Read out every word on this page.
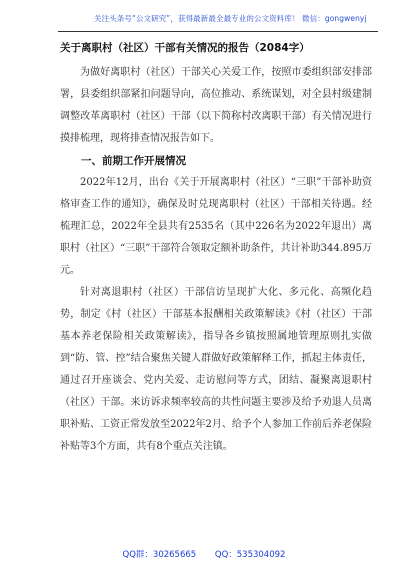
关注头条号“公文研究”，获得最新最全最专业的公文资料库！ 微信：gongwenyj

关于离职村（社区）干部有关情况的报告（2084字）

为做好离职村（社区）干部关心关爱工作，按照市委组织部安排部署，县委组织部紧扣问题导向，高位推动、系统谋划，对全县村级建制调整改革离职村（社区）干部（以下简称村改离职干部）有关情况进行摸排梳理，现将排查情况报告如下。

一、前期工作开展情况

2022年12月，出台《关于开展离职村（社区）“三职”干部补助资格审查工作的通知》，确保及时兑现离职村（社区）干部相关待遇。经梳理汇总，2022年全县共有2535名（其中226名为2022年退出）离职村（社区）“三职”干部符合领取定额补助条件，共计补助344.895万元。

针对离退职村（社区）干部信访呈现扩大化、多元化、高频化趋势，制定《村（社区）干部基本报酬相关政策解读》《村（社区）干部基本养老保险相关政策解读》，指导各乡镇按照属地管理原则扎实做到“防、管、控”结合聚焦关键人群做好政策解释工作，抓起主体责任，通过召开座谈会、党内关爱、走访慰问等方式，团结、凝聚离退职村（社区）干部。来访诉求频率较高的共性问题主要涉及给予劝退人员离职补贴、工资正常发放至2022年2月、给予个人参加工作前后养老保险补贴等3个方面，共有8个重点关注镇。

QQ群：30265665 QQ：535304092
